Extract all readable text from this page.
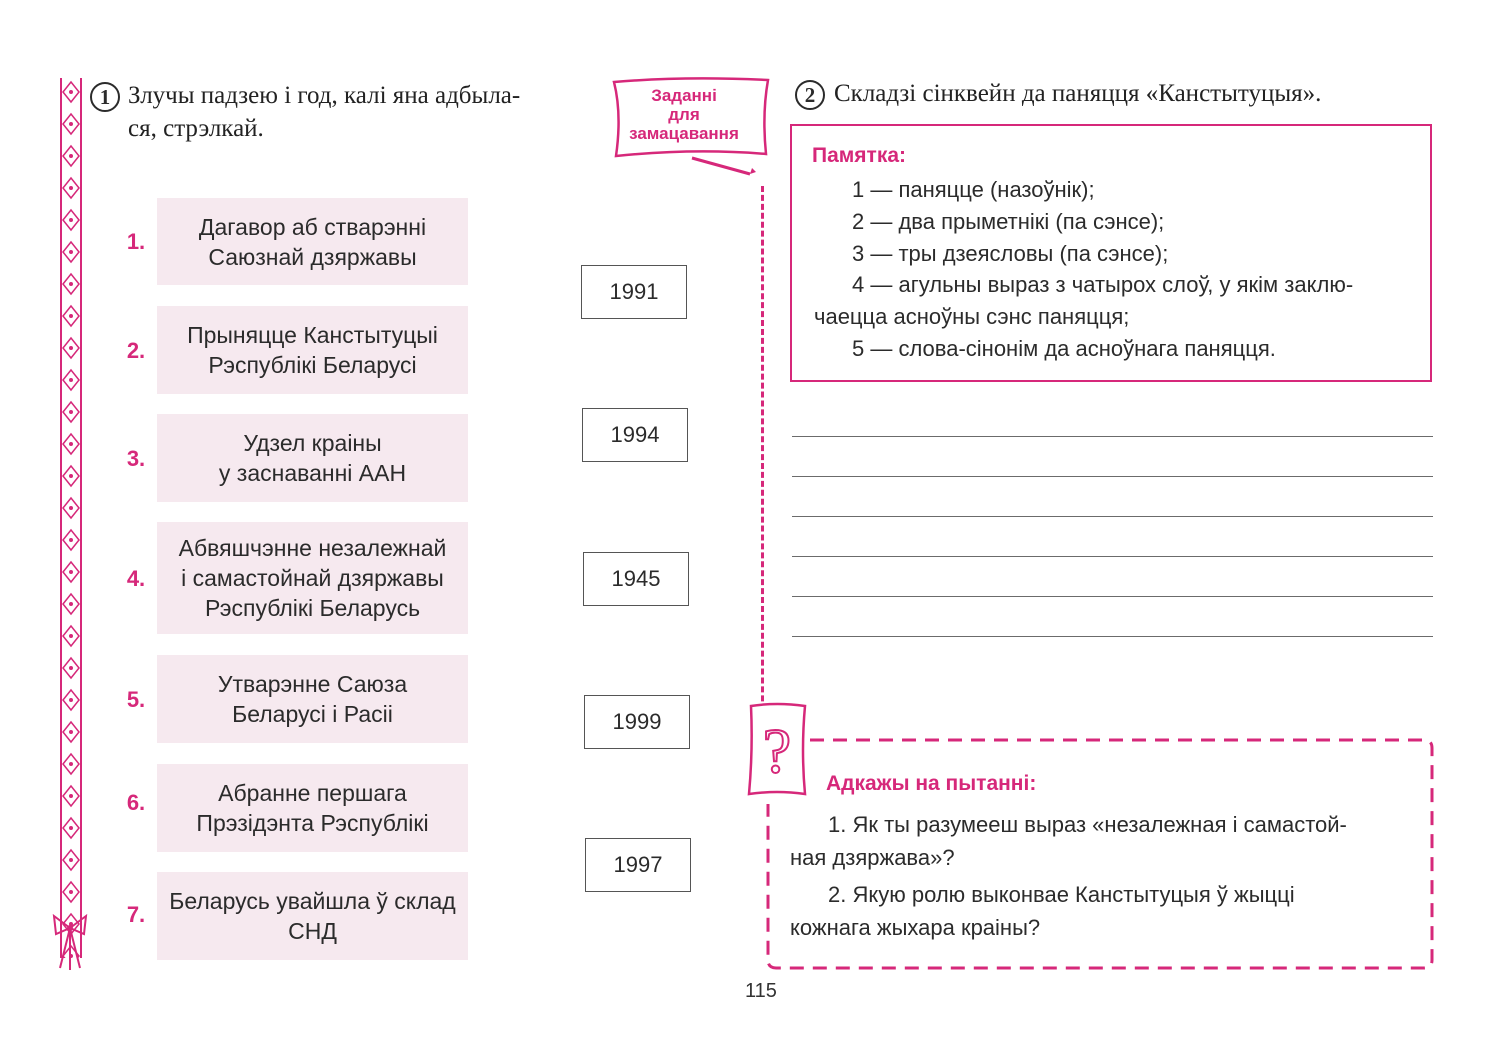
1 Злучы падзею і год, калі яна адбыла-
ся, стрэлкай.
Заданні
для
замацавання
1.
Дагавор аб стварэнні
Саюзнай дзяржавы
2.
Прыняцце Канстытуцыі
Рэспублікі Беларусі
3.
Удзел краіны
у заснаванні ААН
4.
Абвяшчэнне незалежнай
і самастойнай дзяржавы
Рэспублікі Беларусь
5.
Утварэнне Саюза
Беларусі і Расіі
6.	Абранне першага
Прэзідэнта Рэспублікі
7.
Беларусь увайшла ў склад
СНД
1991
1994
1945
1999
1997
2 Складзі сінквейн да паняцця «Канстытуцыя».
Памятка:
1 — паняцце (назоўнік);
2 — два прыметнікі (па сэнсе);
3 — тры дзеясловы (па сэнсе);
4 — агульны выраз з чатырох слоў, у якім заклю-
чаецца асноўны сэнс паняцця;
5 — слова-сінонім да асноўнага паняцця.
? Адкажы на пытанні:
1. Як ты разумееш выраз «незалежная і самастой-
ная дзяржава»?
2. Якую ролю выконвае Канстытуцыя ў жыцці
кожнага жыхара краіны?
115
